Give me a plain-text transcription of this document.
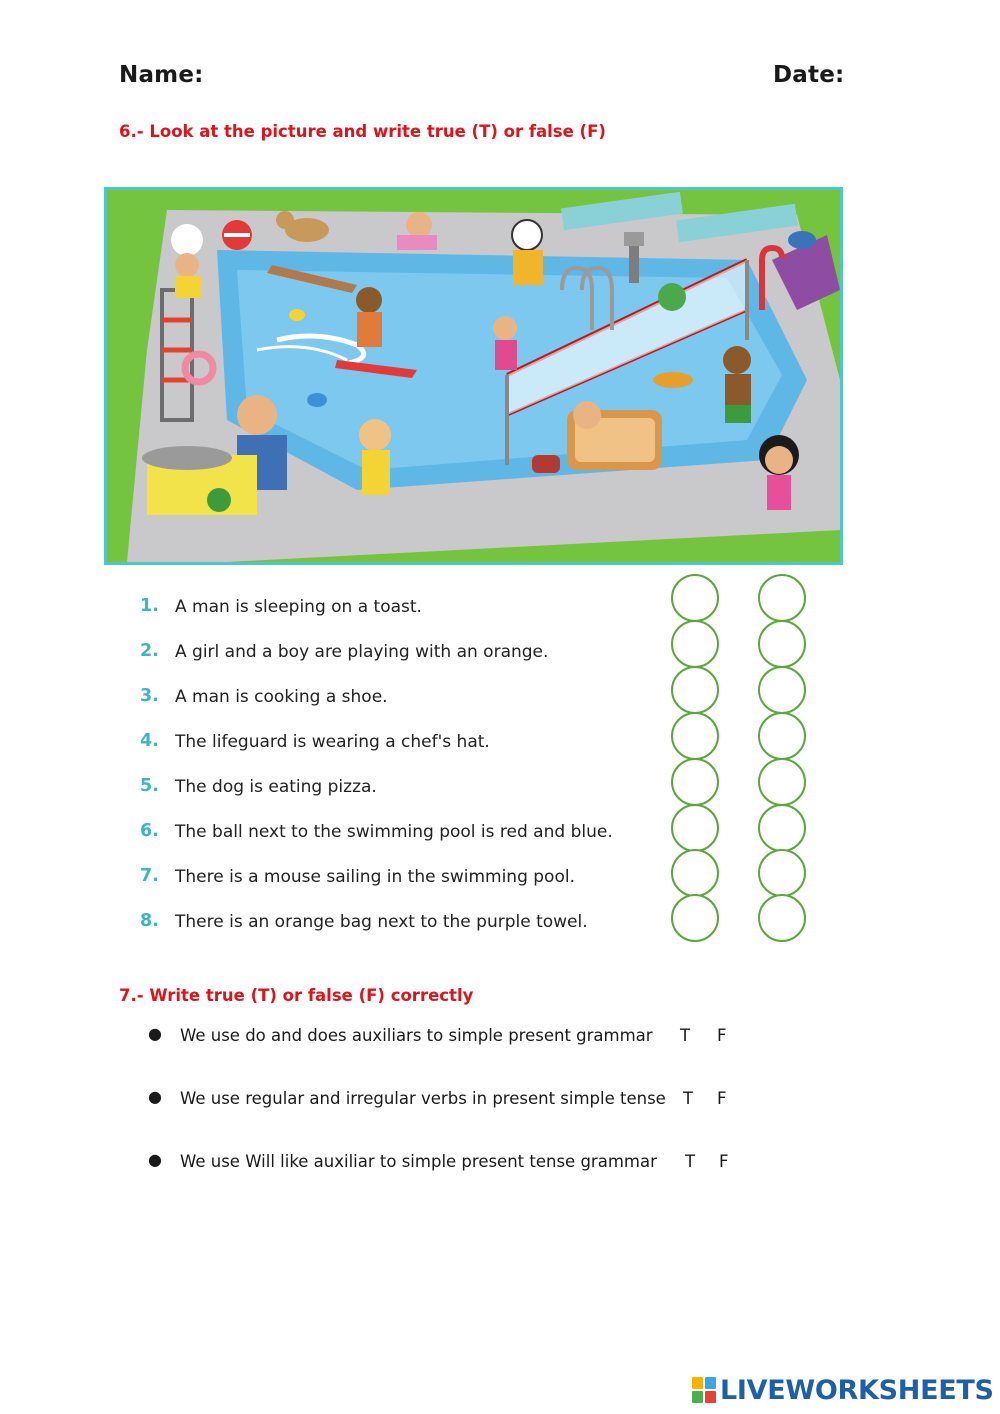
Name:	Date:
6.- Look at the picture and write true (T) or false (F)
1. A man is sleeping on a toast.
2. A girl and a boy are playing with an orange.
3. A man is cooking a shoe.
4. The lifeguard is wearing a chef's hat.
5. The dog is eating pizza.
6. The ball next to the swimming pool is red and blue.
7. There is a mouse sailing in the swimming pool.
8. There is an orange bag next to the purple towel.
7.- Write true (T) or false (F) correctly
● We use do and does auxiliars to simple present grammar T F
● We use regular and irregular verbs in present simple tense T F
● We use Will like auxiliar to simple present tense grammar T F
LIVEWORKSHEETS
